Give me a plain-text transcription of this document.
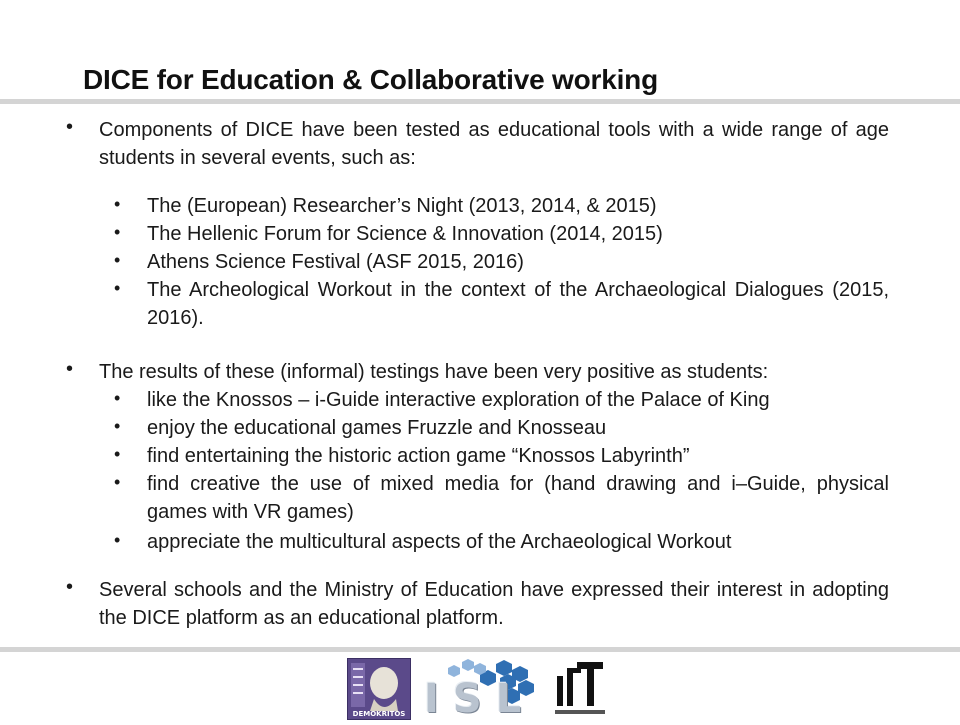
DICE for Education & Collaborative working
• Components of DICE have been tested as educational tools with a wide range of age students in several events, such as:
• The (European) Researcher’s Night (2013, 2014, & 2015)
• The Hellenic Forum for Science & Innovation (2014, 2015)
• Athens Science Festival (ASF 2015, 2016)
• The Archeological Workout in the context of the Archaeological Dialogues (2015, 2016).
• The results of these (informal) testings have been very positive as students:
• like the Knossos – i-Guide interactive exploration of the Palace of King
• enjoy the educational games Fruzzle and Knosseau
• find entertaining the historic action game “Knossos Labyrinth”
• find creative the use of mixed media for (hand drawing and i–Guide, physical games with VR games)
• appreciate the multicultural aspects of the Archaeological Workout
• Several schools and the Ministry of Education have expressed their interest in adopting the DICE platform as an educational platform.
DEMOKRITOS ISL
